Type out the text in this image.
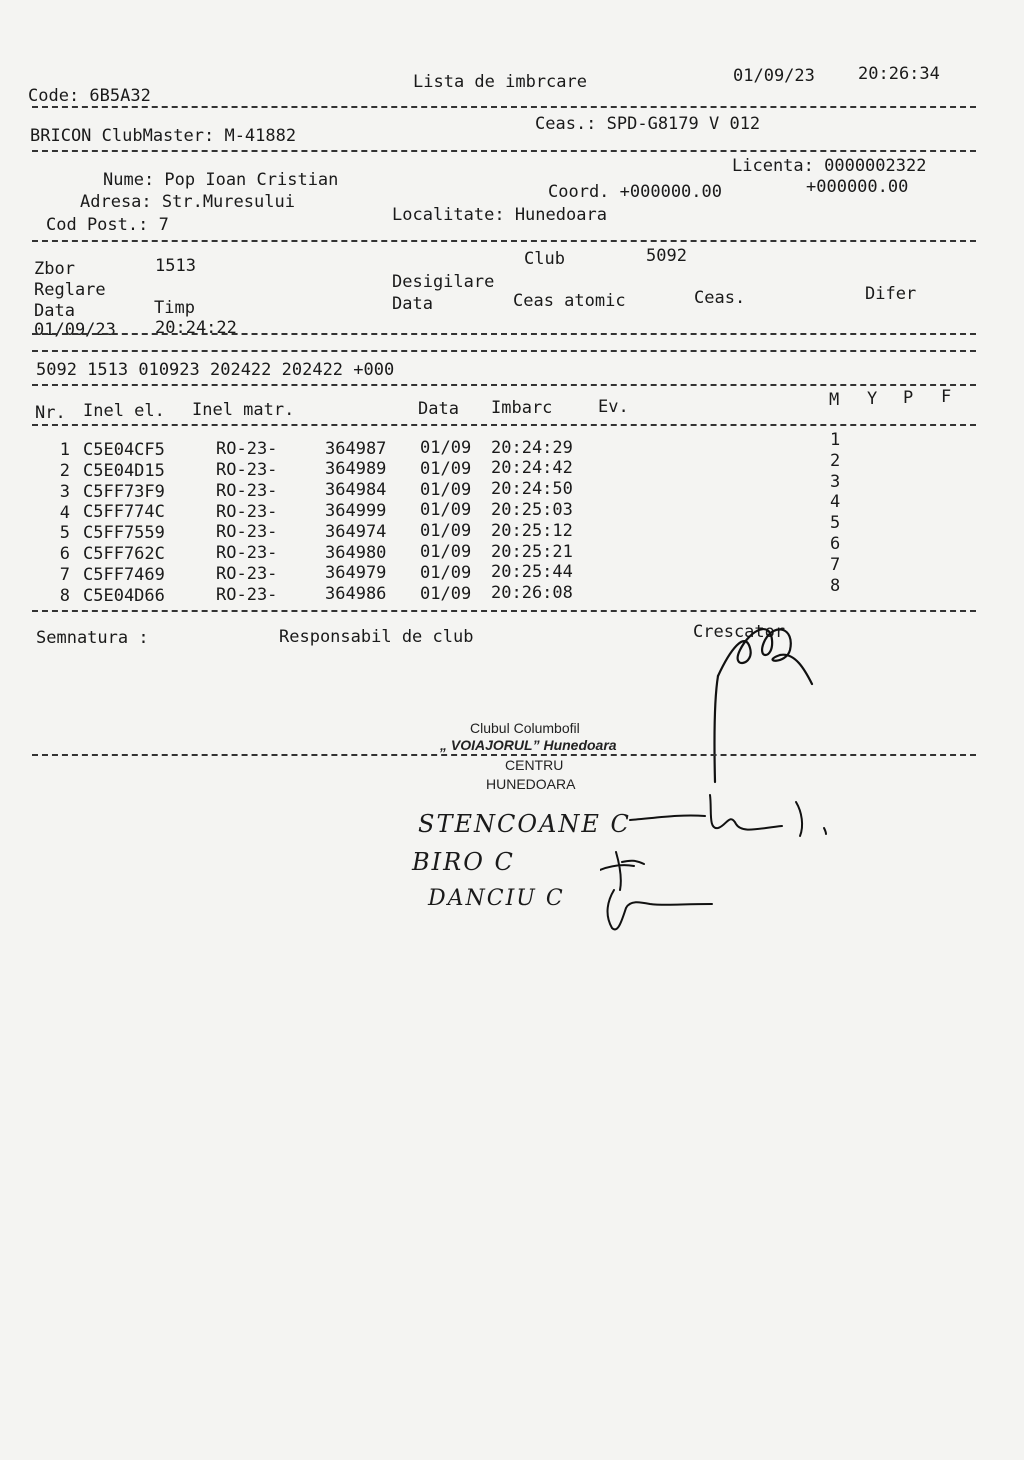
Code: 6B5A32
Lista de imbrcare	01/09/23	20:26:34
BRICON ClubMaster: M-41882
Ceas.: SPD-G8179 V 012
Licenta: 0000002322
Nume: Pop Ioan Cristian
Coord. +000000.00	+000000.00
Adresa: Str.Muresului
Localitate: Hunedoara
Cod Post.: 7
Zbor	1513	Club	5092
Reglare	Desigilare
Data	Timp	Data	Ceas atomic	Ceas.	Difer
01/09/23 20:24:22
5092 1513 010923 202422 202422 +000
Nr. Inel el. Inel matr.	Data Imbarc	Ev.	M Y P F
1 C5E04CF5	RO-23-	364987 01/09 20:24:29	1
2 C5E04D15	RO-23-	364989 01/09 20:24:42	2
3 C5FF73F9	RO-23-	364984 01/09 20:24:50	3
4 C5FF774C	RO-23-	364999 01/09 20:25:03	4
5 C5FF7559	RO-23-	364974 01/09 20:25:12	5
6 C5FF762C	RO-23-	364980 01/09 20:25:21	6
7 C5FF7469	RO-23-	364979 01/09 20:25:44	7
8 C5E04D66	RO-23-	364986 01/09 20:26:08	8
Semnatura :	Responsabil de club	Crescator
Clubul Columbofil
„ VOIAJORUL” Hunedoara
CENTRU
HUNEDOARA
STENCOANE C
BIRO C
DANCIU C
